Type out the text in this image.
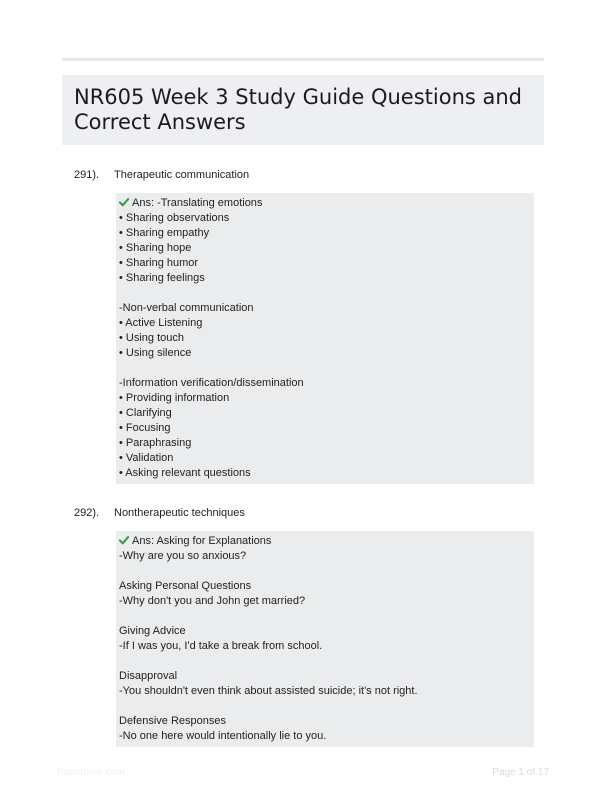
NR605 Week 3 Study Guide Questions and Correct Answers
291).	Therapeutic communication
Ans: -Translating emotions
• Sharing observations
• Sharing empathy
• Sharing hope
• Sharing humor
• Sharing feelings
-Non-verbal communication
• Active Listening
• Using touch
• Using silence
-Information verification/dissemination
• Providing information
• Clarifying
• Focusing
• Paraphrasing
• Validation
• Asking relevant questions
292).	Nontherapeutic techniques
Ans: Asking for Explanations
-Why are you so anxious?
Asking Personal Questions
-Why don't you and John get married?
Giving Advice
-If I was you, I'd take a break from school.
Disapproval
-You shouldn't even think about assisted suicide; it's not right.
Defensive Responses
-No one here would intentionally lie to you.
Paperbrite.com	Page 1 of 17
